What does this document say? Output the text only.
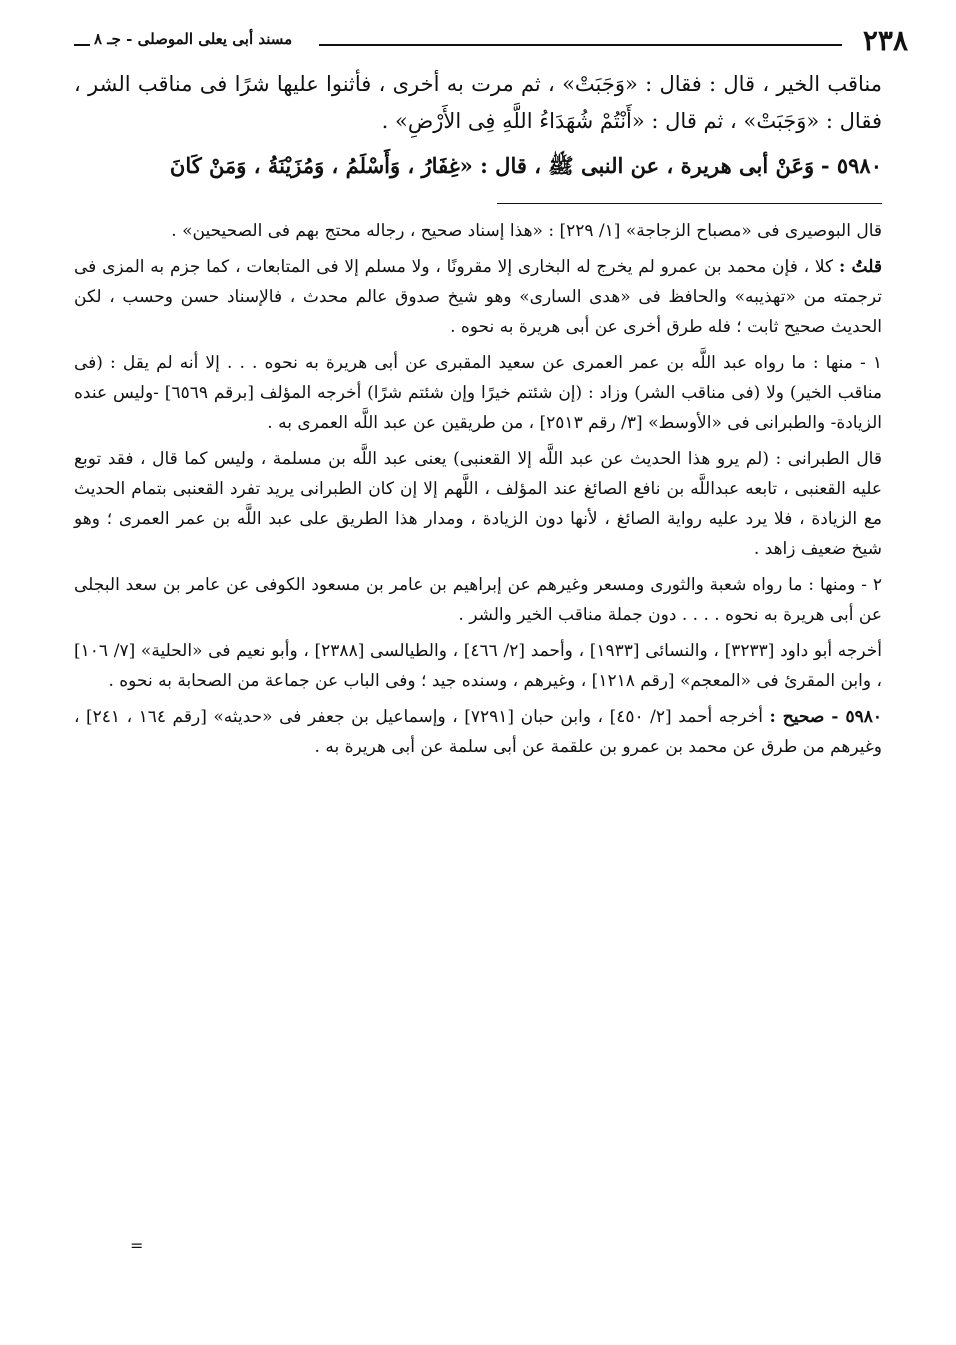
٢٣٨
مسند أبى يعلى الموصلى - جـ ٨

مناقب الخير ، قال : فقال : «وَجَبَتْ» ، ثم مرت به أخرى ، فأثنوا عليها شرًا فى مناقب الشر ، فقال : «وَجَبَتْ» ، ثم قال : «أَنْتُمْ شُهَدَاءُ اللَّهِ فِى الأَرْضِ» .

٥٩٨٠ - وَعَنْ أبى هريرة ، عن النبى ﷺ ، قال : «غِفَارُ ، وَأَسْلَمُ ، وَمُزَيْنَةُ ، وَمَنْ كَانَ

قال البوصيرى فى «مصباح الزجاجة» [١/ ٢٢٩] : «هذا إسناد صحيح ، رجاله محتج بهم فى الصحيحين» .

قلتُ : كلا ، فإن محمد بن عمرو لم يخرج له البخارى إلا مقرونًا ، ولا مسلم إلا فى المتابعات ، كما جزم به المزى فى ترجمته من «تهذيبه» والحافظ فى «هدى السارى» وهو شيخ صدوق عالم محدث ، فالإسناد حسن وحسب ، لكن الحديث صحيح ثابت ؛ فله طرق أخرى عن أبى هريرة به نحوه .

١ - منها : ما رواه عبد اللَّه بن عمر العمرى عن سعيد المقبرى عن أبى هريرة به نحوه . . . إلا أنه لم يقل : (فى مناقب الخير) ولا (فى مناقب الشر) وزاد : (إن شئتم خيرًا وإن شئتم شرًا) أخرجه المؤلف [برقم ٦٥٦٩] -وليس عنده الزيادة- والطبرانى فى «الأوسط» [٣/ رقم ٢٥١٣] ، من طريقين عن عبد اللَّه العمرى به .

قال الطبرانى : (لم يرو هذا الحديث عن عبد اللَّه إلا القعنبى) يعنى عبد اللَّه بن مسلمة ، وليس كما قال ، فقد توبع عليه القعنبى ، تابعه عبداللَّه بن نافع الصائغ عند المؤلف ، اللَّهم إلا إن كان الطبرانى يريد تفرد القعنبى بتمام الحديث مع الزيادة ، فلا يرد عليه رواية الصائغ ، لأنها دون الزيادة ، ومدار هذا الطريق على عبد اللَّه بن عمر العمرى ؛ وهو شيخ ضعيف زاهد .

٢ - ومنها : ما رواه شعبة والثورى ومسعر وغيرهم عن إبراهيم بن عامر بن مسعود الكوفى عن عامر بن سعد البجلى عن أبى هريرة به نحوه . . . . دون جملة مناقب الخير والشر .

أخرجه أبو داود [٣٢٣٣] ، والنسائى [١٩٣٣] ، وأحمد [٢/ ٤٦٦] ، والطيالسى [٢٣٨٨] ، وأبو نعيم فى «الحلية» [٧/ ١٠٦] ، وابن المقرئ فى «المعجم» [رقم ١٢١٨] ، وغيرهم ، وسنده جيد ؛ وفى الباب عن جماعة من الصحابة به نحوه .

٥٩٨٠ - صحيح : أخرجه أحمد [٢/ ٤٥٠] ، وابن حبان [٧٢٩١] ، وإسماعيل بن جعفر فى «حديثه» [رقم ١٦٤ ، ٢٤١] ، وغيرهم من طرق عن محمد بن عمرو بن علقمة عن أبى سلمة عن أبى هريرة به .

=
